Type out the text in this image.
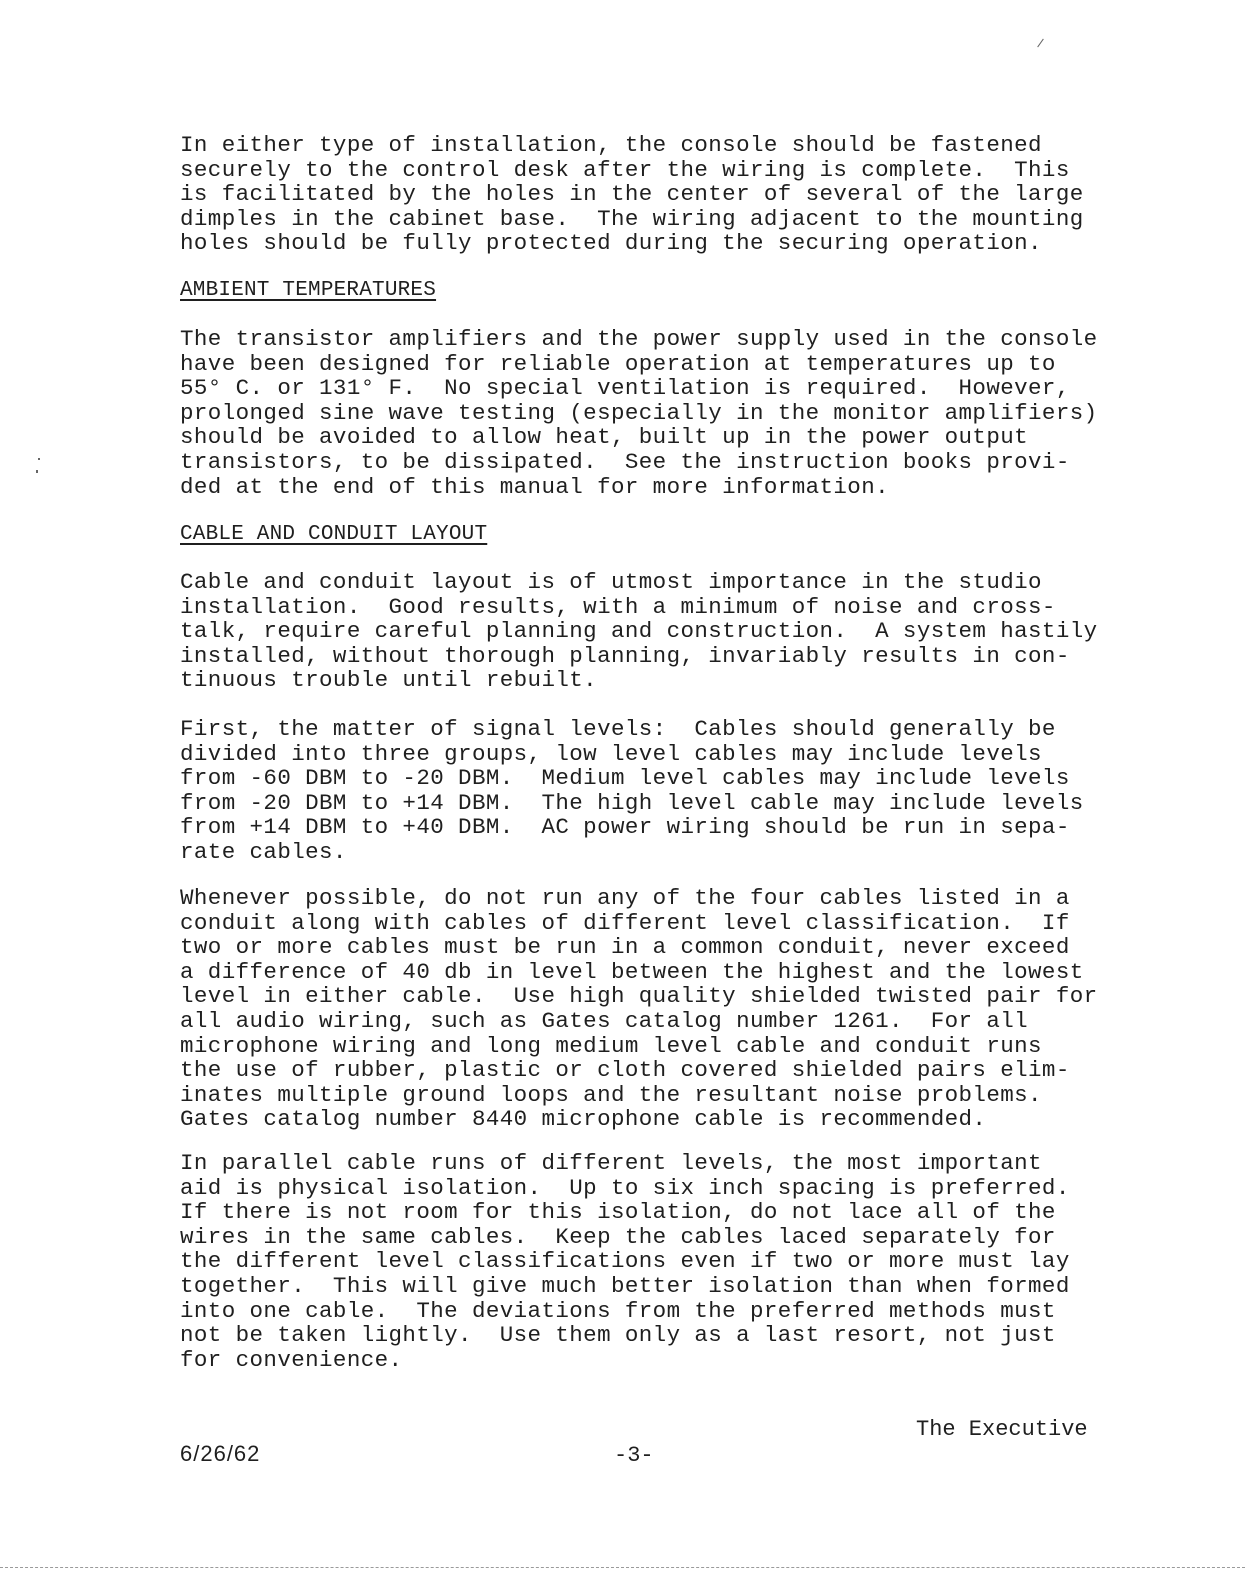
In either type of installation, the console should be fastened
securely to the control desk after the wiring is complete.  This
is facilitated by the holes in the center of several of the large
dimples in the cabinet base.  The wiring adjacent to the mounting
holes should be fully protected during the securing operation.
AMBIENT TEMPERATURES
The transistor amplifiers and the power supply used in the console
have been designed for reliable operation at temperatures up to
55° C. or 131° F.  No special ventilation is required.  However,
prolonged sine wave testing (especially in the monitor amplifiers)
should be avoided to allow heat, built up in the power output
transistors, to be dissipated.  See the instruction books provi-
ded at the end of this manual for more information.
CABLE AND CONDUIT LAYOUT
Cable and conduit layout is of utmost importance in the studio
installation.  Good results, with a minimum of noise and cross-
talk, require careful planning and construction.  A system hastily
installed, without thorough planning, invariably results in con-
tinuous trouble until rebuilt.
First, the matter of signal levels:  Cables should generally be
divided into three groups, low level cables may include levels
from -60 DBM to -20 DBM.  Medium level cables may include levels
from -20 DBM to +14 DBM.  The high level cable may include levels
from +14 DBM to +40 DBM.  AC power wiring should be run in sepa-
rate cables.
Whenever possible, do not run any of the four cables listed in a
conduit along with cables of different level classification.  If
two or more cables must be run in a common conduit, never exceed
a difference of 40 db in level between the highest and the lowest
level in either cable.  Use high quality shielded twisted pair for
all audio wiring, such as Gates catalog number 1261.  For all
microphone wiring and long medium level cable and conduit runs
the use of rubber, plastic or cloth covered shielded pairs elim-
inates multiple ground loops and the resultant noise problems.
Gates catalog number 8440 microphone cable is recommended.
In parallel cable runs of different levels, the most important
aid is physical isolation.  Up to six inch spacing is preferred.
If there is not room for this isolation, do not lace all of the
wires in the same cables.  Keep the cables laced separately for
the different level classifications even if two or more must lay
together.  This will give much better isolation than when formed
into one cable.  The deviations from the preferred methods must
not be taken lightly.  Use them only as a last resort, not just
for convenience.
The Executive
6/26/62	-3-
